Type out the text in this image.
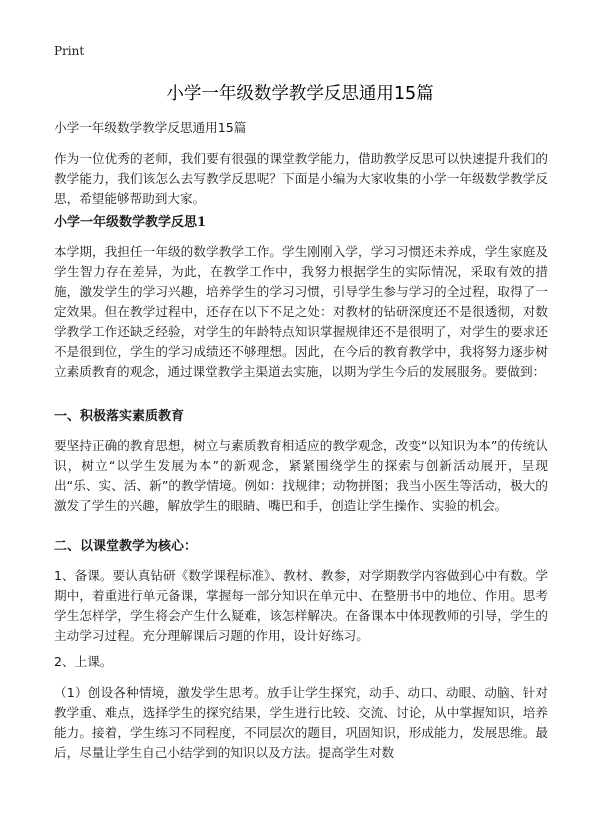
Print
小学一年级数学教学反思通用15篇

小学一年级数学教学反思通用15篇

作为一位优秀的老师，我们要有很强的课堂教学能力，借助教学反思可以快速提升我们的教学能力，我们该怎么去写教学反思呢？下面是小编为大家收集的小学一年级数学教学反思，希望能够帮助到大家。

小学一年级数学教学反思1

本学期，我担任一年级的数学教学工作。学生刚刚入学，学习习惯还未养成，学生家庭及学生智力存在差异，为此，在教学工作中，我努力根据学生的实际情况，采取有效的措施，激发学生的学习兴趣，培养学生的学习习惯，引导学生参与学习的全过程，取得了一定效果。但在教学过程中，还存在以下不足之处：对教材的钻研深度还不是很透彻，对数学教学工作还缺乏经验，对学生的年龄特点知识掌握规律还不是很明了，对学生的要求还不是很到位，学生的学习成绩还不够理想。因此，在今后的教育教学中，我将努力逐步树立素质教育的观念，通过课堂教学主渠道去实施，以期为学生今后的发展服务。要做到：

一、积极落实素质教育

要坚持正确的教育思想，树立与素质教育相适应的教学观念，改变“以知识为本”的传统认识，树立“以学生发展为本”的新观念，紧紧围绕学生的探索与创新活动展开，呈现出“乐、实、活、新”的教学情境。例如：找规律；动物拼图；我当小医生等活动，极大的激发了学生的兴趣，解放学生的眼睛、嘴巴和手，创造让学生操作、实验的机会。

二、以课堂教学为核心：

1、备课。要认真钻研《数学课程标准》、教材、教参，对学期教学内容做到心中有数。学期中，着重进行单元备课，掌握每一部分知识在单元中、在整册书中的地位、作用。思考学生怎样学，学生将会产生什么疑难，该怎样解决。在备课本中体现教师的引导，学生的主动学习过程。充分理解课后习题的作用，设计好练习。

2、上课。

（1）创设各种情境，激发学生思考。放手让学生探究，动手、动口、动眼、动脑、针对教学重、难点，选择学生的探究结果，学生进行比较、交流、讨论，从中掌握知识，培养能力。接着，学生练习不同程度，不同层次的题目，巩固知识，形成能力，发展思维。最后，尽量让学生自己小结学到的知识以及方法。提高学生对数
